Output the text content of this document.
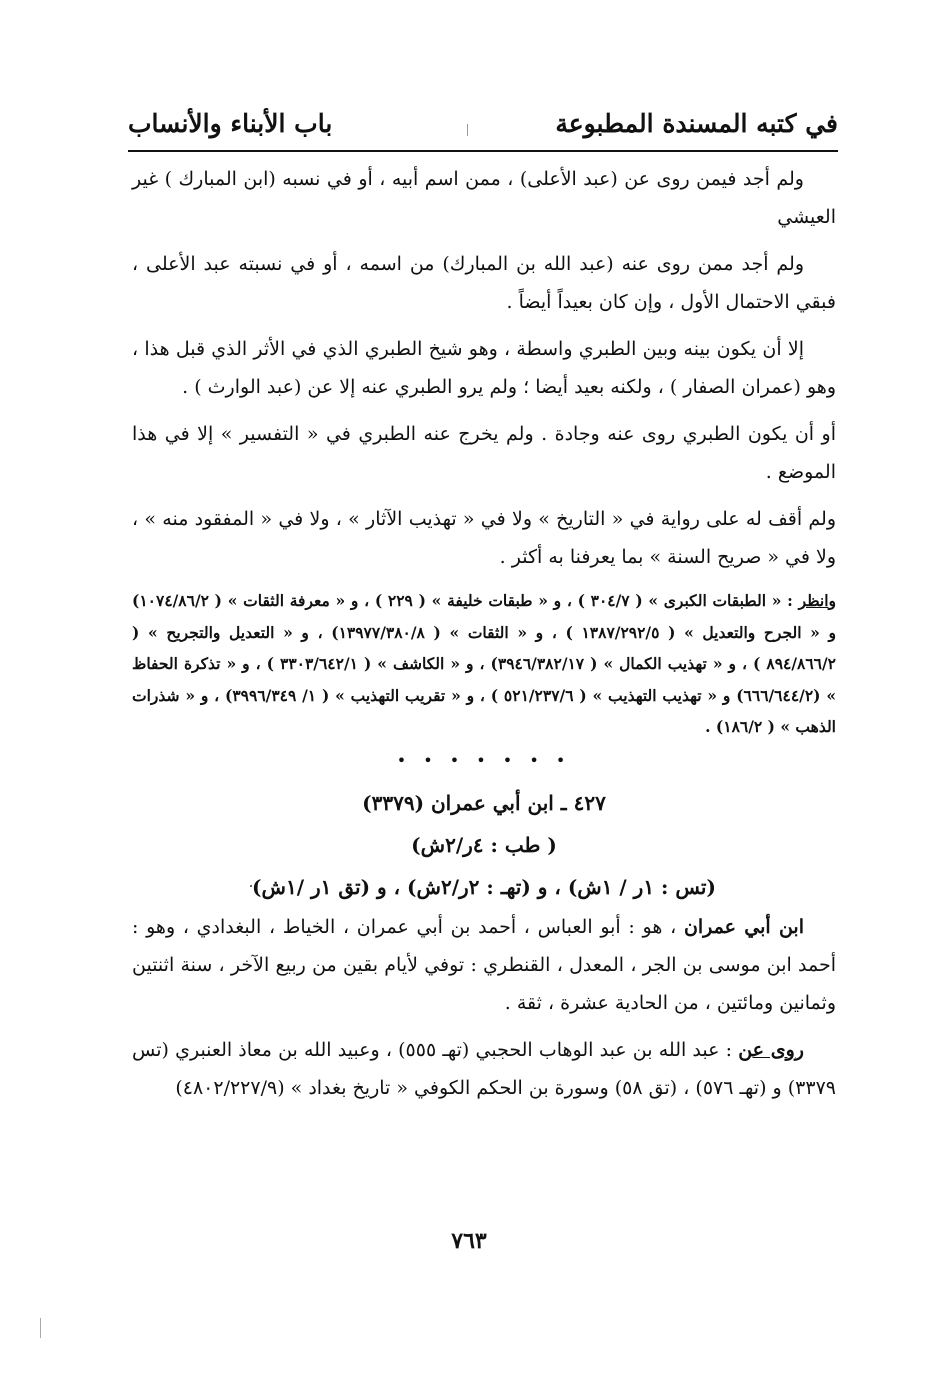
في كتبه المسندة المطبوعة
باب الأبناء والأنساب

ولم أجد فيمن روى عن (عبد الأعلى) ، ممن اسم أبيه ، أو في نسبه (ابن المبارك ) غير العيشي

ولم أجد ممن روى عنه (عبد الله بن المبارك) من اسمه ، أو في نسبته عبد الأعلى ، فبقي الاحتمال الأول ، وإن كان بعيداً أيضاً .

إلا أن يكون بينه وبين الطبري واسطة ، وهو شيخ الطبري الذي في الأثر الذي قبل هذا ، وهو (عمران الصفار ) ، ولكنه بعيد أيضا ؛ ولم يرو الطبري عنه إلا عن (عبد الوارث ) .

أو أن يكون الطبري روى عنه وجادة . ولم يخرج عنه الطبري في « التفسير » إلا في هذا الموضع .

ولم أقف له على رواية في « التاريخ » ولا في « تهذيب الآثار » ، ولا في « المفقود منه » ، ولا في « صريح السنة » بما يعرفنا به أكثر .

وانظر : « الطبقات الكبرى » ( ٣٠٤/٧ ) ، و « طبقات خليفة » ( ٢٢٩ ) ، و « معرفة الثقات » ( ١٠٧٤/٨٦/٢) و « الجرح والتعديل » ( ١٣٨٧/٢٩٢/٥ ) ، و « الثقات » ( ١٣٩٧٧/٣٨٠/٨) ، و « التعديل والتجريح » ( ٨٩٤/٨٦٦/٢ ) ، و « تهذيب الكمال » ( ٣٩٤٦/٣٨٢/١٧) ، و « الكاشف » ( ٣٣٠٣/٦٤٢/١ ) ، و « تذكرة الحفاظ » (٦٦٦/٦٤٤/٢) و « تهذيب التهذيب » ( ٥٢١/٢٣٧/٦ ) ، و « تقريب التهذيب » ( ١/ ٣٩٩٦/٣٤٩) ، و « شذرات الذهب » ( ١٨٦/٢) .

• • • • • • •

٤٢٧ ـ ابن أبي عمران (٣٣٧٩)

( طب : ٤ر/٢ش)

(تس : ١ر / ١ش) ، و (تهـ : ٢ر/٢ش) ، و (تق ١ر /١ش)

ابن أبي عمران ، هو : أبو العباس ، أحمد بن أبي عمران ، الخياط ، البغدادي ، وهو : أحمد ابن موسى بن الجر ، المعدل ، القنطري : توفي لأيام بقين من ربيع الآخر ، سنة اثنتين وثمانين ومائتين ، من الحادية عشرة ، ثقة .

روى عن : عبد الله بن عبد الوهاب الحجبي (تهـ ٥٥٥) ، وعبيد الله بن معاذ العنبري (تس ٣٣٧٩) و (تهـ ٥٧٦) ، (تق ٥٨) وسورة بن الحكم الكوفي « تاريخ بغداد » (٤٨٠٢/٢٢٧/٩)

٧٦٣
